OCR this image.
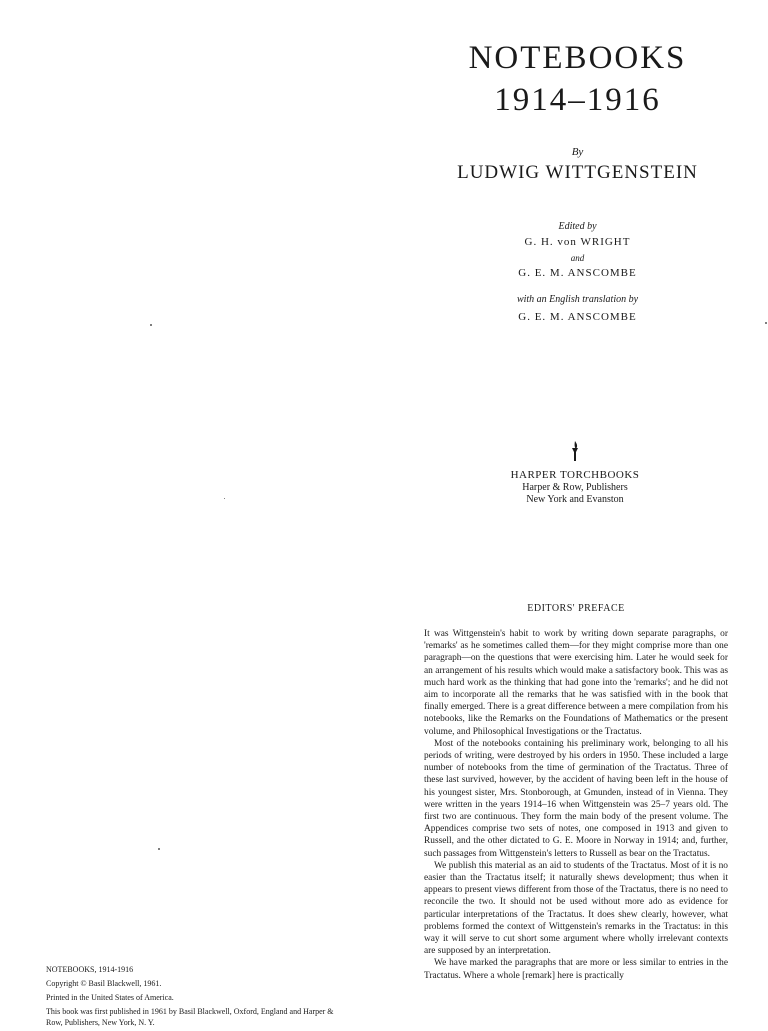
NOTEBOOKS
1914–1916
By
LUDWIG WITTGENSTEIN
Edited by
G. H. von WRIGHT
and
G. E. M. ANSCOMBE
with an English translation by
G. E. M. ANSCOMBE
HARPER TORCHBOOKS
Harper & Row, Publishers
New York and Evanston
EDITORS' PREFACE

It was Wittgenstein's habit to work by writing down separate paragraphs, or 'remarks' as he sometimes called them—for they might comprise more than one paragraph—on the questions that were exercising him. Later he would seek for an arrangement of his results which would make a satisfactory book. This was as much hard work as the thinking that had gone into the 'remarks'; and he did not aim to incorporate all the remarks that he was satisfied with in the book that finally emerged. There is a great difference between a mere compilation from his notebooks, like the Remarks on the Foundations of Mathematics or the present volume, and Philosophical Investigations or the Tractatus.

Most of the notebooks containing his preliminary work, belonging to all his periods of writing, were destroyed by his orders in 1950. These included a large number of notebooks from the time of germination of the Tractatus. Three of these last survived, however, by the accident of having been left in the house of his youngest sister, Mrs. Stonborough, at Gmunden, instead of in Vienna. They were written in the years 1914–16 when Wittgenstein was 25–7 years old. The first two are continuous. They form the main body of the present volume. The Appendices comprise two sets of notes, one composed in 1913 and given to Russell, and the other dictated to G. E. Moore in Norway in 1914; and, further, such passages from Wittgenstein's letters to Russell as bear on the Tractatus.

We publish this material as an aid to students of the Tractatus. Most of it is no easier than the Tractatus itself; it naturally shews development; thus when it appears to present views different from those of the Tractatus, there is no need to reconcile the two. It should not be used without more ado as evidence for particular interpretations of the Tractatus. It does shew clearly, however, what problems formed the context of Wittgenstein's remarks in the Tractatus: in this way it will serve to cut short some argument where wholly irrelevant contexts are supposed by an interpretation.

We have marked the paragraphs that are more or less similar to entries in the Tractatus. Where a whole [remark] here is practically

NOTEBOOKS, 1914-1916
Copyright © Basil Blackwell, 1961.
Printed in the United States of America.
This book was first published in 1961 by Basil Blackwell, Oxford, England and Harper & Row, Publishers, New York, N. Y.
